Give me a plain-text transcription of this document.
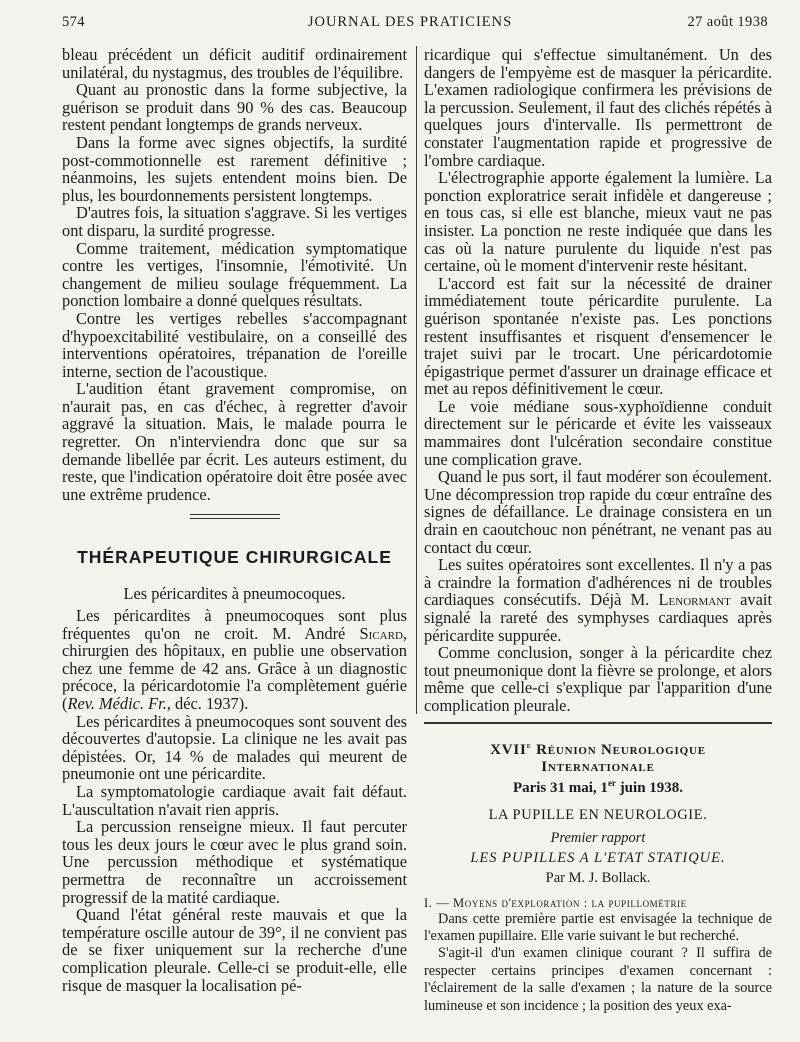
JOURNAL DES PRATICIENS
574	27 août 1938

bleau précédent un déficit auditif ordinairement unilatéral, du nystagmus, des troubles de l'équilibre.

Quant au pronostic dans la forme subjective, la guérison se produit dans 90 % des cas. Beaucoup restent pendant longtemps de grands nerveux.

Dans la forme avec signes objectifs, la surdité post-commotionnelle est rarement définitive ; néanmoins, les sujets entendent moins bien. De plus, les bourdonnements persistent longtemps.

D'autres fois, la situation s'aggrave. Si les vertiges ont disparu, la surdité progresse.

Comme traitement, médication symptomatique contre les vertiges, l'insomnie, l'émotivité. Un changement de milieu soulage fréquemment. La ponction lombaire a donné quelques résultats.

Contre les vertiges rebelles s'accompagnant d'hypoexcitabilité vestibulaire, on a conseillé des interventions opératoires, trépanation de l'oreille interne, section de l'acoustique.

L'audition étant gravement compromise, on n'aurait pas, en cas d'échec, à regretter d'avoir aggravé la situation. Mais, le malade pourra le regretter. On n'interviendra donc que sur sa demande libellée par écrit. Les auteurs estiment, du reste, que l'indication opératoire doit être posée avec une extrême prudence.

THÉRAPEUTIQUE CHIRURGICALE
Les péricardites à pneumocoques.

Les péricardites à pneumocoques sont plus fréquentes qu'on ne croit. M. André Sicard, chirurgien des hôpitaux, en publie une observation chez une femme de 42 ans. Grâce à un diagnostic précoce, la péricardotomie l'a complètement guérie (Rev. Médic. Fr., déc. 1937).

Les péricardites à pneumocoques sont souvent des découvertes d'autopsie. La clinique ne les avait pas dépistées. Or, 14 % de malades qui meurent de pneumonie ont une péricardite.

La symptomatologie cardiaque avait fait défaut. L'auscultation n'avait rien appris.

La percussion renseigne mieux. Il faut percuter tous les deux jours le cœur avec le plus grand soin. Une percussion méthodique et systématique permettra de reconnaître un accroissement progressif de la matité cardiaque.

Quand l'état général reste mauvais et que la température oscille autour de 39°, il ne convient pas de se fixer uniquement sur la recherche d'une complication pleurale. Celle-ci se produit-elle, elle risque de masquer la localisation pé-

ricardique qui s'effectue simultanément. Un des dangers de l'empyème est de masquer la péricardite. L'examen radiologique confirmera les prévisions de la percussion. Seulement, il faut des clichés répétés à quelques jours d'intervalle. Ils permettront de constater l'augmentation rapide et progressive de l'ombre cardiaque.

L'électrographie apporte également la lumière. La ponction exploratrice serait infidèle et dangereuse ; en tous cas, si elle est blanche, mieux vaut ne pas insister. La ponction ne reste indiquée que dans les cas où la nature purulente du liquide n'est pas certaine, où le moment d'intervenir reste hésitant.

L'accord est fait sur la nécessité de drainer immédiatement toute péricardite purulente. La guérison spontanée n'existe pas. Les ponctions restent insuffisantes et risquent d'ensemencer le trajet suivi par le trocart. Une péricardotomie épigastrique permet d'assurer un drainage efficace et met au repos définitivement le cœur.

Le voie médiane sous-xyphoïdienne conduit directement sur le péricarde et évite les vaisseaux mammaires dont l'ulcération secondaire constitue une complication grave.

Quand le pus sort, il faut modérer son écoulement. Une décompression trop rapide du cœur entraîne des signes de défaillance. Le drainage consistera en un drain en caoutchouc non pénétrant, ne venant pas au contact du cœur.

Les suites opératoires sont excellentes. Il n'y a pas à craindre la formation d'adhérences ni de troubles cardiaques consécutifs. Déjà M. Lenormant avait signalé la rareté des symphyses cardiaques après péricardite suppurée.

Comme conclusion, songer à la péricardite chez tout pneumonique dont la fièvre se prolonge, et alors même que celle-ci s'explique par l'apparition d'une complication pleurale.

XVIIe Réunion Neurologique
Internationale
Paris 31 mai, 1er juin 1938.
LA PUPILLE EN NEUROLOGIE.
Premier rapport
LES PUPILLES A L'ETAT STATIQUE.
Par M. J. Bollack.
I. — Moyens d'exploration : la pupillométrie

Dans cette première partie est envisagée la technique de l'examen pupillaire. Elle varie suivant le but recherché.

S'agit-il d'un examen clinique courant ? Il suffira de respecter certains principes d'examen concernant : l'éclairement de la salle d'examen ; la nature de la source lumineuse et son incidence ; la position des yeux exa-
